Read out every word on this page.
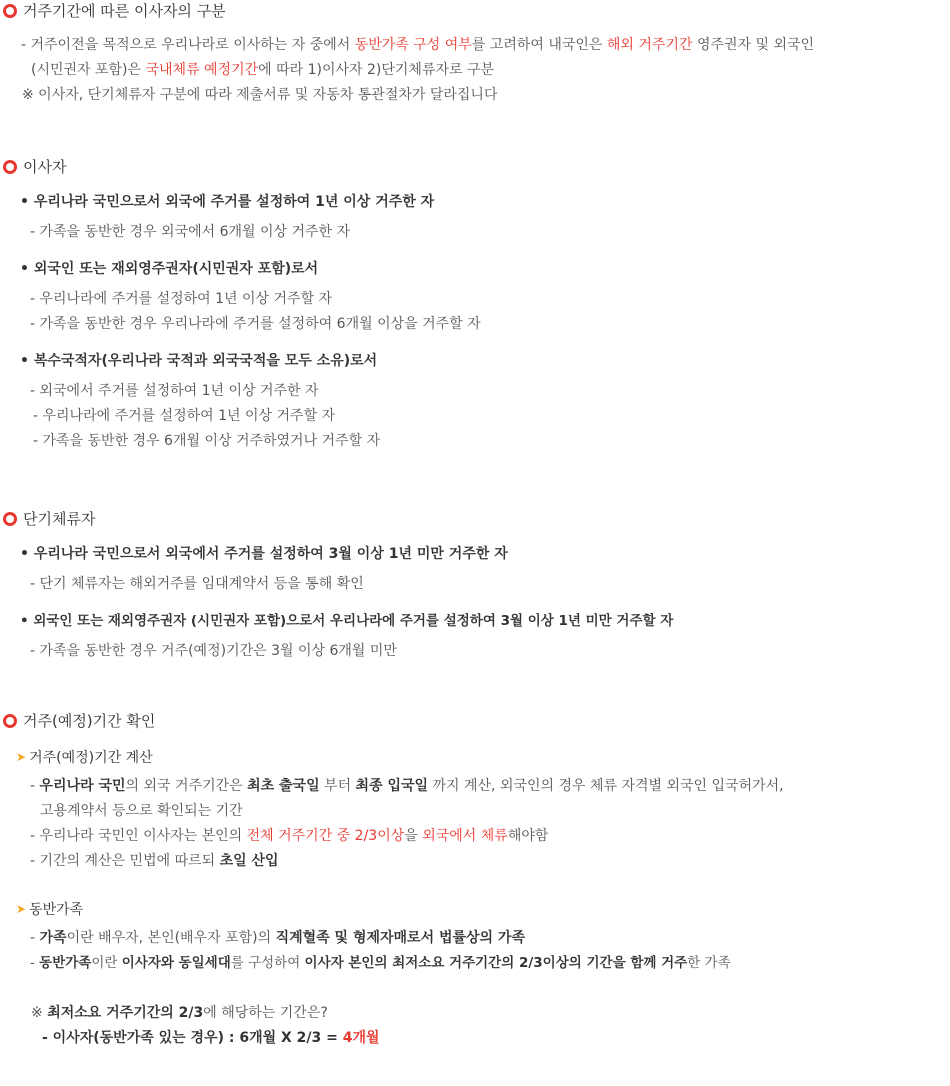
거주기간에 따른 이사자의 구분
- 거주이전을 목적으로 우리나라로 이사하는 자 중에서 동반가족 구성 여부를 고려하여 내국인은 해외 거주기간 영주권자 및 외국인
(시민권자 포함)은 국내체류 예정기간에 따라 1)이사자 2)단기체류자로 구분
※ 이사자, 단기체류자 구분에 따라 제출서류 및 자동차 통관절차가 달라집니다
이사자
• 우리나라 국민으로서 외국에 주거를 설정하여 1년 이상 거주한 자
- 가족을 동반한 경우 외국에서 6개월 이상 거주한 자
• 외국인 또는 재외영주권자(시민권자 포함)로서
- 우리나라에 주거를 설정하여 1년 이상 거주할 자
- 가족을 동반한 경우 우리나라에 주거를 설정하여 6개월 이상을 거주할 자
• 복수국적자(우리나라 국적과 외국국적을 모두 소유)로서
- 외국에서 주거를 설정하여 1년 이상 거주한 자
- 우리나라에 주거를 설정하여 1년 이상 거주할 자
- 가족을 동반한 경우 6개월 이상 거주하였거나 거주할 자
단기체류자
• 우리나라 국민으로서 외국에서 주거를 설정하여 3월 이상 1년 미만 거주한 자
- 단기 체류자는 해외거주를 임대계약서 등을 통해 확인
• 외국인 또는 재외영주권자 (시민권자 포함)으로서 우리나라에 주거를 설정하여 3월 이상 1년 미만 거주할 자
- 가족을 동반한 경우 거주(예정)기간은 3월 이상 6개월 미만
거주(예정)기간 확인
➤ 거주(예정)기간 계산
- 우리나라 국민의 외국 거주기간은 최초 출국일 부터 최종 입국일 까지 계산, 외국인의 경우 체류 자격별 외국인 입국허가서,
고용계약서 등으로 확인되는 기간
- 우리나라 국민인 이사자는 본인의 전체 거주기간 중 2/3이상을 외국에서 체류해야함
- 기간의 계산은 민법에 따르되 초일 산입
➤ 동반가족
- 가족이란 배우자, 본인(배우자 포함)의 직계혈족 및 형제자매로서 법률상의 가족
- 동반가족이란 이사자와 동일세대를 구성하여 이사자 본인의 최저소요 거주기간의 2/3이상의 기간을 함께 거주한 가족
※ 최저소요 거주기간의 2/3에 해당하는 기간은?
- 이사자(동반가족 있는 경우) : 6개월 X 2/3 = 4개월
